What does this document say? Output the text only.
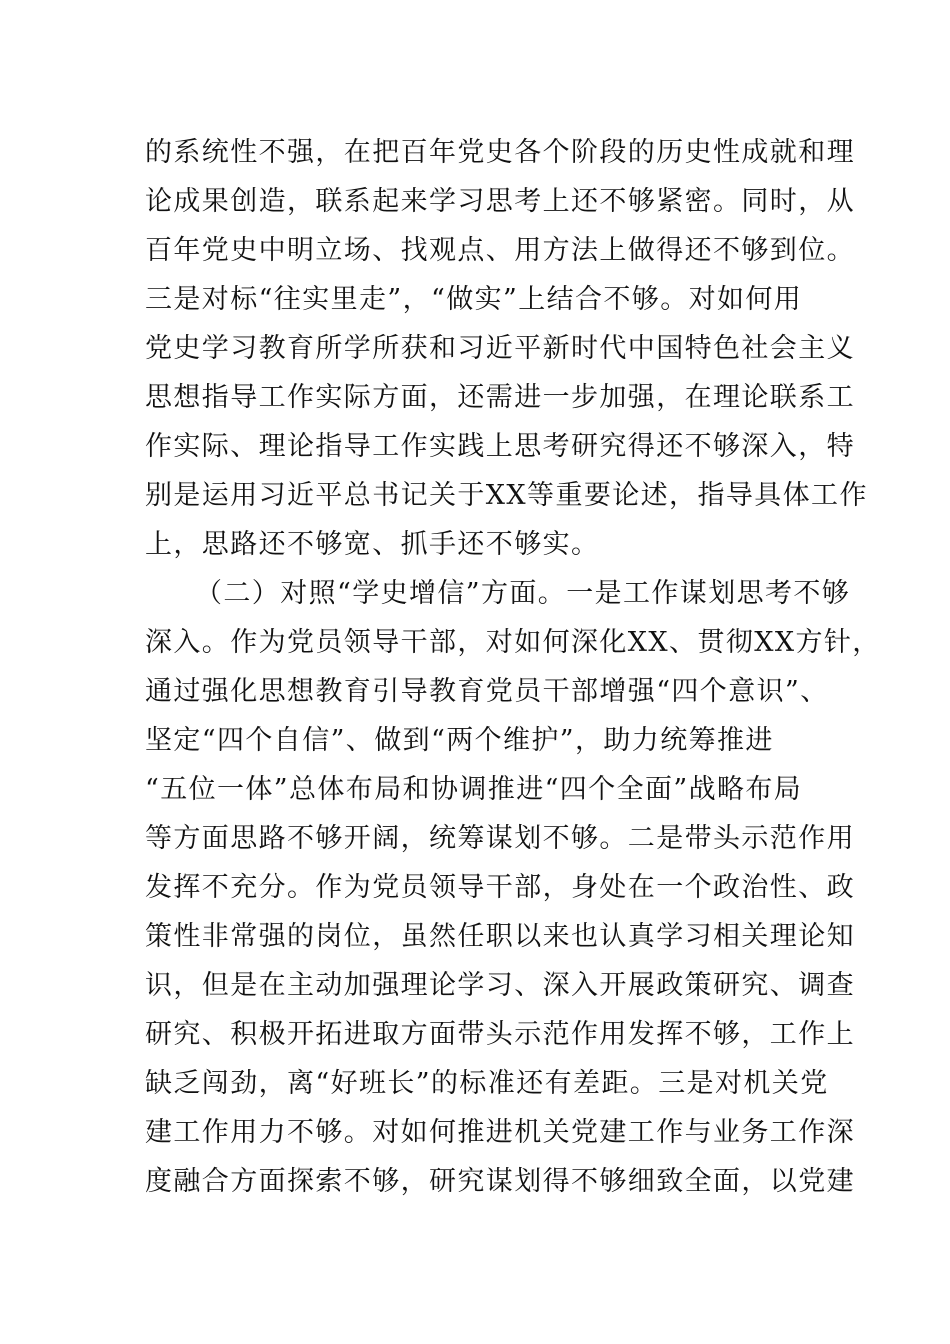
的系统性不强，在把百年党史各个阶段的历史性成就和理
论成果创造，联系起来学习思考上还不够紧密。同时，从
百年党史中明立场、找观点、用方法上做得还不够到位。
三是对标“往实里走”，“做实”上结合不够。对如何用
党史学习教育所学所获和习近平新时代中国特色社会主义
思想指导工作实际方面，还需进一步加强，在理论联系工
作实际、理论指导工作实践上思考研究得还不够深入，特
别是运用习近平总书记关于XX等重要论述，指导具体工作
上，思路还不够宽、抓手还不够实。
（二）对照“学史增信”方面。一是工作谋划思考不够
深入。作为党员领导干部，对如何深化XX、贯彻XX方针，
通过强化思想教育引导教育党员干部增强“四个意识”、
坚定“四个自信”、做到“两个维护”，助力统筹推进
“五位一体”总体布局和协调推进“四个全面”战略布局
等方面思路不够开阔，统筹谋划不够。二是带头示范作用
发挥不充分。作为党员领导干部，身处在一个政治性、政
策性非常强的岗位，虽然任职以来也认真学习相关理论知
识，但是在主动加强理论学习、深入开展政策研究、调查
研究、积极开拓进取方面带头示范作用发挥不够，工作上
缺乏闯劲，离“好班长”的标准还有差距。三是对机关党
建工作用力不够。对如何推进机关党建工作与业务工作深
度融合方面探索不够，研究谋划得不够细致全面，以党建
